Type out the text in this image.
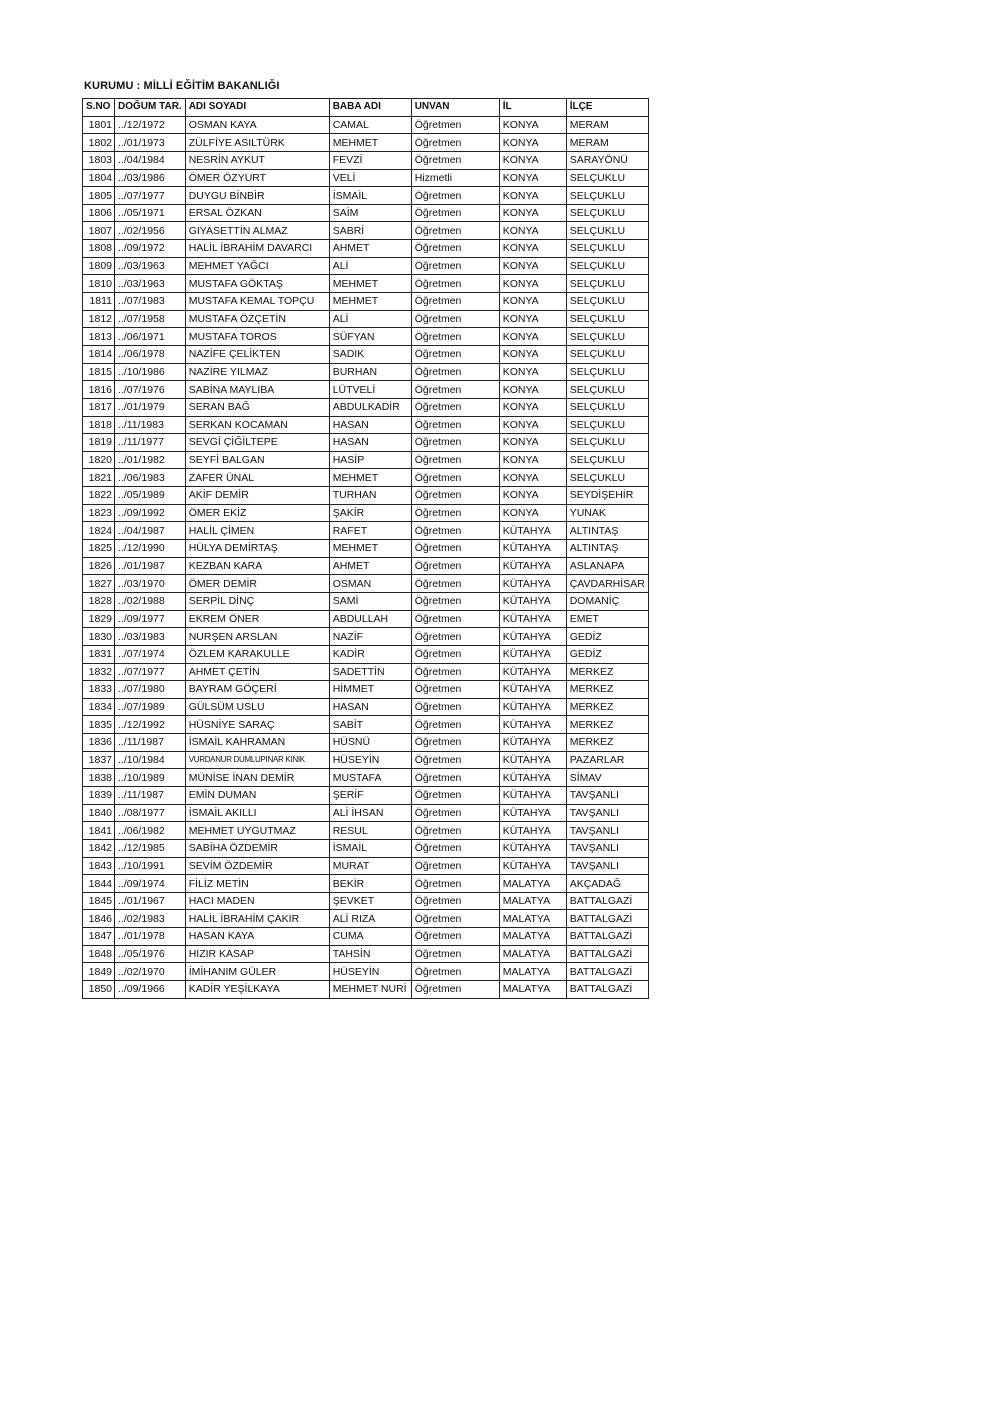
KURUMU : MİLLİ EĞİTİM BAKANLIĞI
S.NO	DOĞUM TAR.	ADI SOYADI	BABA ADI	UNVAN	İL	İLÇE
1801	../12/1972	OSMAN KAYA	CAMAL	Öğretmen	KONYA	MERAM
1802	../01/1973	ZÜLFİYE ASILTÜRK	MEHMET	Öğretmen	KONYA	MERAM
1803	../04/1984	NESRİN AYKUT	FEVZİ	Öğretmen	KONYA	SARAYÖNÜ
1804	../03/1986	ÖMER ÖZYURT	VELİ	Hizmetli	KONYA	SELÇUKLU
1805	../07/1977	DUYGU BİNBİR	İSMAİL	Öğretmen	KONYA	SELÇUKLU
1806	../05/1971	ERSAL ÖZKAN	SAİM	Öğretmen	KONYA	SELÇUKLU
1807	../02/1956	GIYASETTİN ALMAZ	SABRİ	Öğretmen	KONYA	SELÇUKLU
1808	../09/1972	HALİL İBRAHİM DAVARCI	AHMET	Öğretmen	KONYA	SELÇUKLU
1809	../03/1963	MEHMET YAĞCI	ALİ	Öğretmen	KONYA	SELÇUKLU
1810	../03/1963	MUSTAFA GÖKTAŞ	MEHMET	Öğretmen	KONYA	SELÇUKLU
1811	../07/1983	MUSTAFA KEMAL TOPÇU	MEHMET	Öğretmen	KONYA	SELÇUKLU
1812	../07/1958	MUSTAFA ÖZÇETİN	ALİ	Öğretmen	KONYA	SELÇUKLU
1813	../06/1971	MUSTAFA TOROS	SÜFYAN	Öğretmen	KONYA	SELÇUKLU
1814	../06/1978	NAZİFE ÇELİKTEN	SADIK	Öğretmen	KONYA	SELÇUKLU
1815	../10/1986	NAZİRE YILMAZ	BURHAN	Öğretmen	KONYA	SELÇUKLU
1816	../07/1976	SABİNA MAYLIBA	LÜTVELİ	Öğretmen	KONYA	SELÇUKLU
1817	../01/1979	SERAN BAĞ	ABDULKADİR	Öğretmen	KONYA	SELÇUKLU
1818	../11/1983	SERKAN KOCAMAN	HASAN	Öğretmen	KONYA	SELÇUKLU
1819	../11/1977	SEVGİ ÇİĞİLTEPE	HASAN	Öğretmen	KONYA	SELÇUKLU
1820	../01/1982	SEYFİ BALGAN	HASİP	Öğretmen	KONYA	SELÇUKLU
1821	../06/1983	ZAFER ÜNAL	MEHMET	Öğretmen	KONYA	SELÇUKLU
1822	../05/1989	AKİF DEMİR	TURHAN	Öğretmen	KONYA	SEYDİŞEHİR
1823	../09/1992	ÖMER EKİZ	ŞAKİR	Öğretmen	KONYA	YUNAK
1824	../04/1987	HALİL ÇİMEN	RAFET	Öğretmen	KÜTAHYA	ALTINTAŞ
1825	../12/1990	HÜLYA DEMİRTAŞ	MEHMET	Öğretmen	KÜTAHYA	ALTINTAŞ
1826	../01/1987	KEZBAN KARA	AHMET	Öğretmen	KÜTAHYA	ASLANAPA
1827	../03/1970	ÖMER DEMİR	OSMAN	Öğretmen	KÜTAHYA	ÇAVDARHİSAR
1828	../02/1988	SERPİL DİNÇ	SAMİ	Öğretmen	KÜTAHYA	DOMANİÇ
1829	../09/1977	EKREM ÖNER	ABDULLAH	Öğretmen	KÜTAHYA	EMET
1830	../03/1983	NURŞEN ARSLAN	NAZİF	Öğretmen	KÜTAHYA	GEDİZ
1831	../07/1974	ÖZLEM KARAKULLE	KADİR	Öğretmen	KÜTAHYA	GEDİZ
1832	../07/1977	AHMET ÇETİN	SADETTİN	Öğretmen	KÜTAHYA	MERKEZ
1833	../07/1980	BAYRAM GÖÇERİ	HİMMET	Öğretmen	KÜTAHYA	MERKEZ
1834	../07/1989	GÜLSÜM USLU	HASAN	Öğretmen	KÜTAHYA	MERKEZ
1835	../12/1992	HÜSNİYE SARAÇ	SABİT	Öğretmen	KÜTAHYA	MERKEZ
1836	../11/1987	İSMAİL KAHRAMAN	HÜSNÜ	Öğretmen	KÜTAHYA	MERKEZ
1837	../10/1984	VURDANUR DUMLUPINAR KINIK	HÜSEYİN	Öğretmen	KÜTAHYA	PAZARLAR
1838	../10/1989	MÜNİSE İNAN DEMİR	MUSTAFA	Öğretmen	KÜTAHYA	SİMAV
1839	../11/1987	EMİN DUMAN	ŞERİF	Öğretmen	KÜTAHYA	TAVŞANLI
1840	../08/1977	İSMAİL AKILLI	ALİ İHSAN	Öğretmen	KÜTAHYA	TAVŞANLI
1841	../06/1982	MEHMET UYGUTMAZ	RESUL	Öğretmen	KÜTAHYA	TAVŞANLI
1842	../12/1985	SABİHA ÖZDEMİR	İSMAİL	Öğretmen	KÜTAHYA	TAVŞANLI
1843	../10/1991	SEVİM ÖZDEMİR	MURAT	Öğretmen	KÜTAHYA	TAVŞANLI
1844	../09/1974	FİLİZ METİN	BEKİR	Öğretmen	MALATYA	AKÇADAĞ
1845	../01/1967	HACI MADEN	ŞEVKET	Öğretmen	MALATYA	BATTALGAZİ
1846	../02/1983	HALİL İBRAHİM ÇAKIR	ALİ RIZA	Öğretmen	MALATYA	BATTALGAZİ
1847	../01/1978	HASAN KAYA	CUMA	Öğretmen	MALATYA	BATTALGAZİ
1848	../05/1976	HIZIR KASAP	TAHSİN	Öğretmen	MALATYA	BATTALGAZİ
1849	../02/1970	İMİHANIM GÜLER	HÜSEYİN	Öğretmen	MALATYA	BATTALGAZİ
1850	../09/1966	KADİR YEŞİLKAYA	MEHMET NURİ	Öğretmen	MALATYA	BATTALGAZİ
